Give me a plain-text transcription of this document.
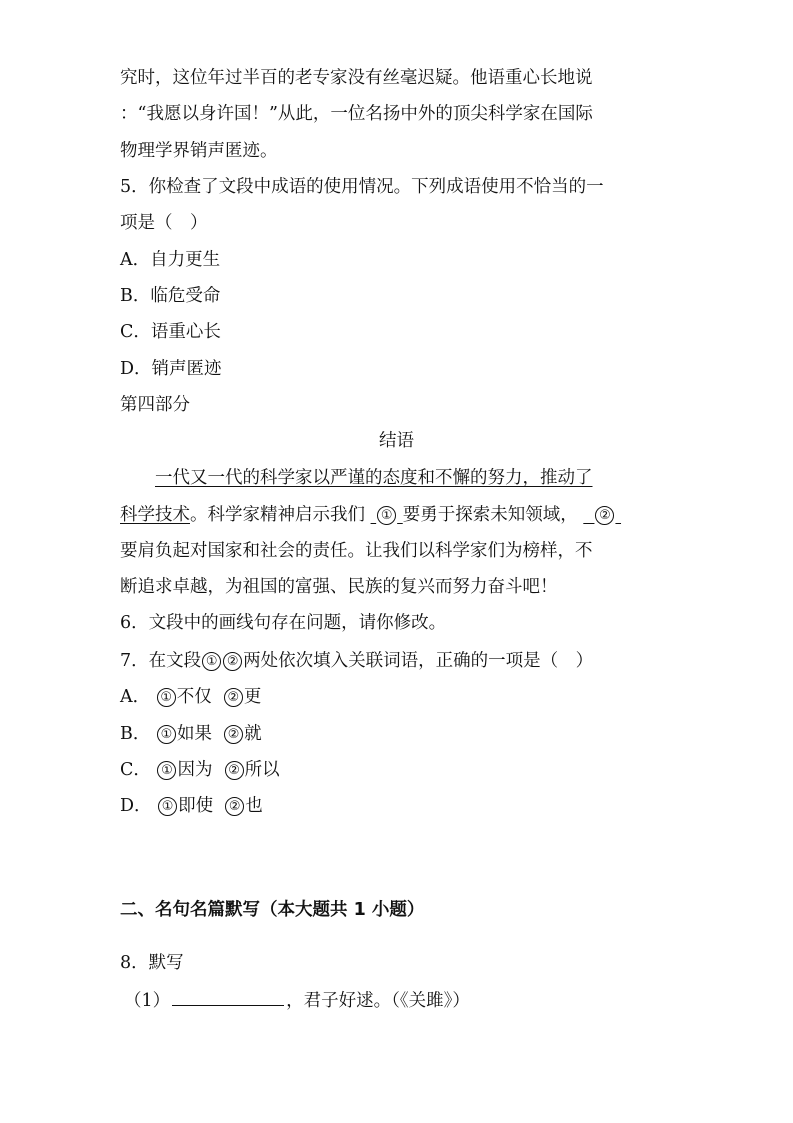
究时，这位年过半百的老专家没有丝毫迟疑。他语重心长地说
：“我愿以身许国！”从此，一位名扬中外的顶尖科学家在国际
物理学界销声匿迹。
5．你检查了文段中成语的使用情况。下列成语使用不恰当的一
项是（　）
A．自力更生
B．临危受命
C．语重心长
D．销声匿迹
第四部分
结语
一代又一代的科学家以严谨的态度和不懈的努力，推动了
科学技术。科学家精神启示我们 ① 要勇于探索未知领域， ②
要肩负起对国家和社会的责任。让我们以科学家们为榜样，不
断追求卓越，为祖国的富强、民族的复兴而努力奋斗吧！
6．文段中的画线句存在问题，请你修改。
7．在文段 ① ② 两处依次填入关联词语，正确的一项是（　）
A． ① 不仅 ② 更
B． ① 如果 ② 就
C． ① 因为 ② 所以
D． ① 即使 ② 也
二、名句名篇默写（本大题共 1 小题）
8．默写
（1）	，君子好逑。（《关雎》）
